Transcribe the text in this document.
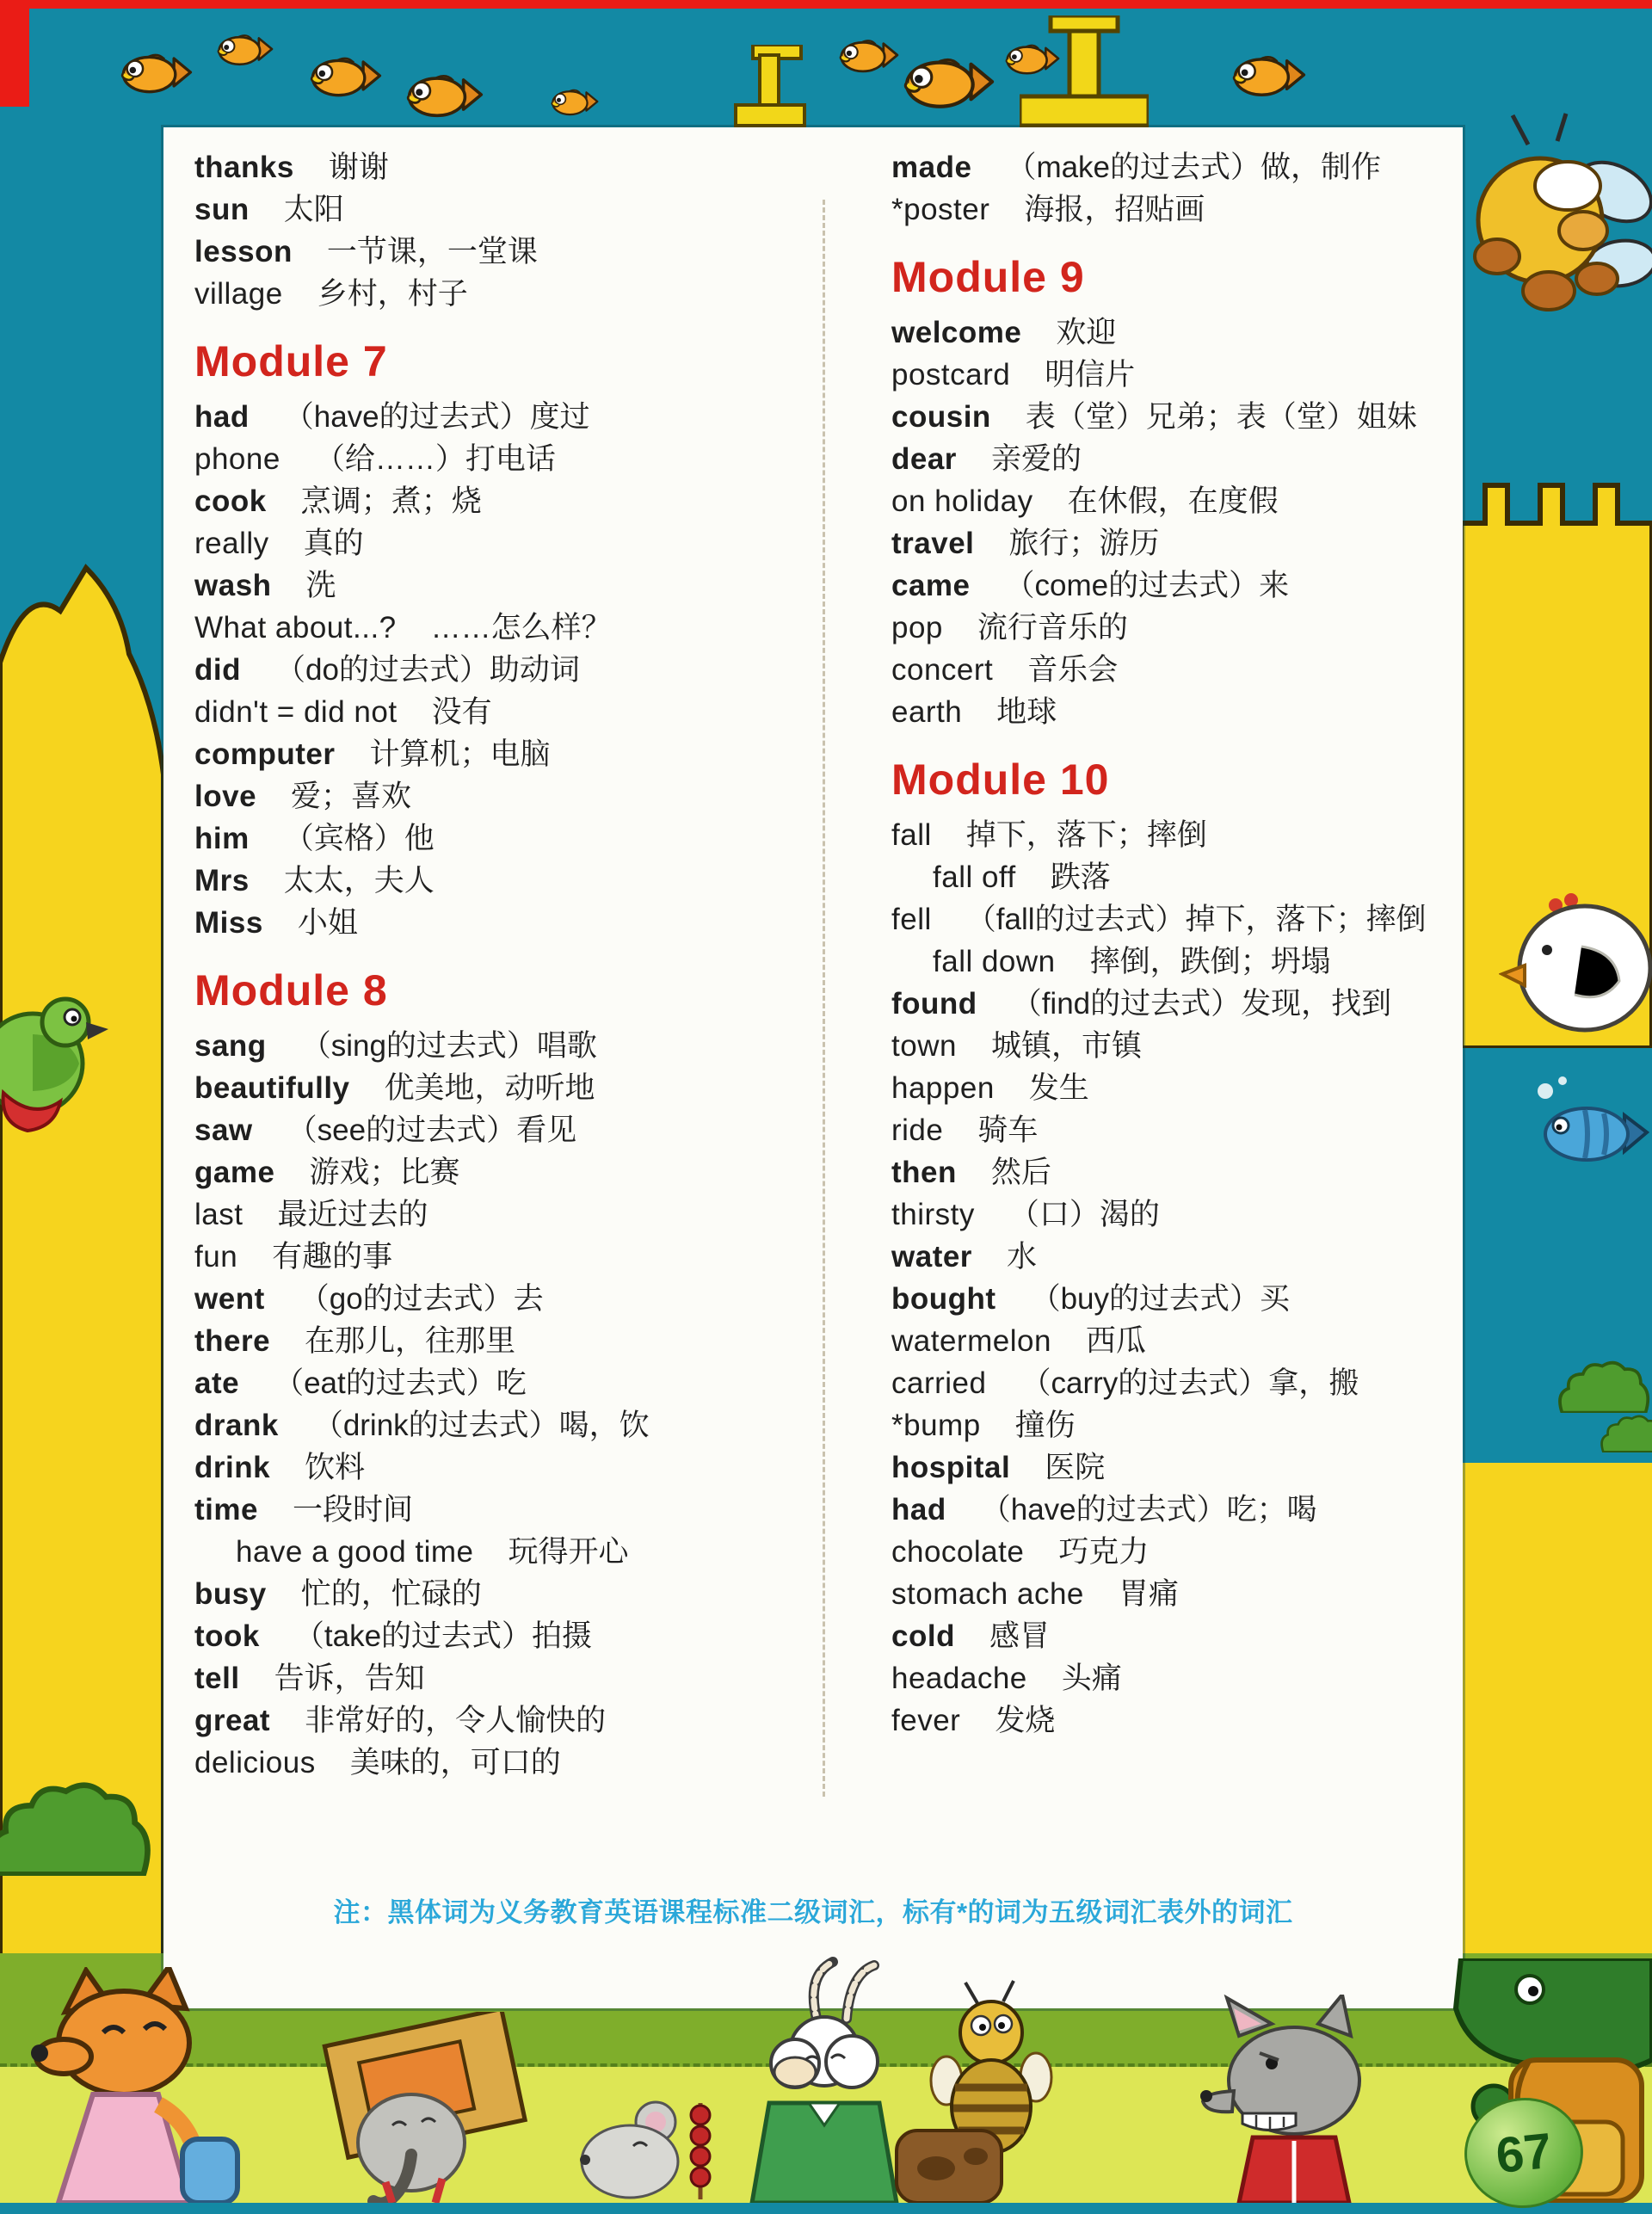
thanks 谢谢
sun 太阳
lesson 一节课，一堂课
village 乡村，村子
Module 7
had （have的过去式）度过
phone （给……）打电话
cook 烹调；煮；烧
really 真的
wash 洗
What about...? ……怎么样？
did （do的过去式）助动词
didn't = did not 没有
computer 计算机；电脑
love 爱；喜欢
him （宾格）他
Mrs 太太，夫人
Miss 小姐
Module 8
sang （sing的过去式）唱歌
beautifully 优美地，动听地
saw （see的过去式）看见
game 游戏；比赛
last 最近过去的
fun 有趣的事
went （go的过去式）去
there 在那儿，往那里
ate （eat的过去式）吃
drank （drink的过去式）喝，饮
drink 饮料
time 一段时间
have a good time 玩得开心
busy 忙的，忙碌的
took （take的过去式）拍摄
tell 告诉，告知
great 非常好的，令人愉快的
delicious 美味的，可口的
made （make的过去式）做，制作
*poster 海报，招贴画
Module 9
welcome 欢迎
postcard 明信片
cousin 表（堂）兄弟；表（堂）姐妹
dear 亲爱的
on holiday 在休假，在度假
travel 旅行；游历
came （come的过去式）来
pop 流行音乐的
concert 音乐会
earth 地球
Module 10
fall 掉下，落下；摔倒
fall off 跌落
fell （fall的过去式）掉下，落下；摔倒
fall down 摔倒，跌倒；坍塌
found （find的过去式）发现，找到
town 城镇，市镇
happen 发生
ride 骑车
then 然后
thirsty （口）渴的
water 水
bought （buy的过去式）买
watermelon 西瓜
carried （carry的过去式）拿，搬
*bump 撞伤
hospital 医院
had （have的过去式）吃；喝
chocolate 巧克力
stomach ache 胃痛
cold 感冒
headache 头痛
fever 发烧
注：黑体词为义务教育英语课程标准二级词汇，标有*的词为五级词汇表外的词汇
67
